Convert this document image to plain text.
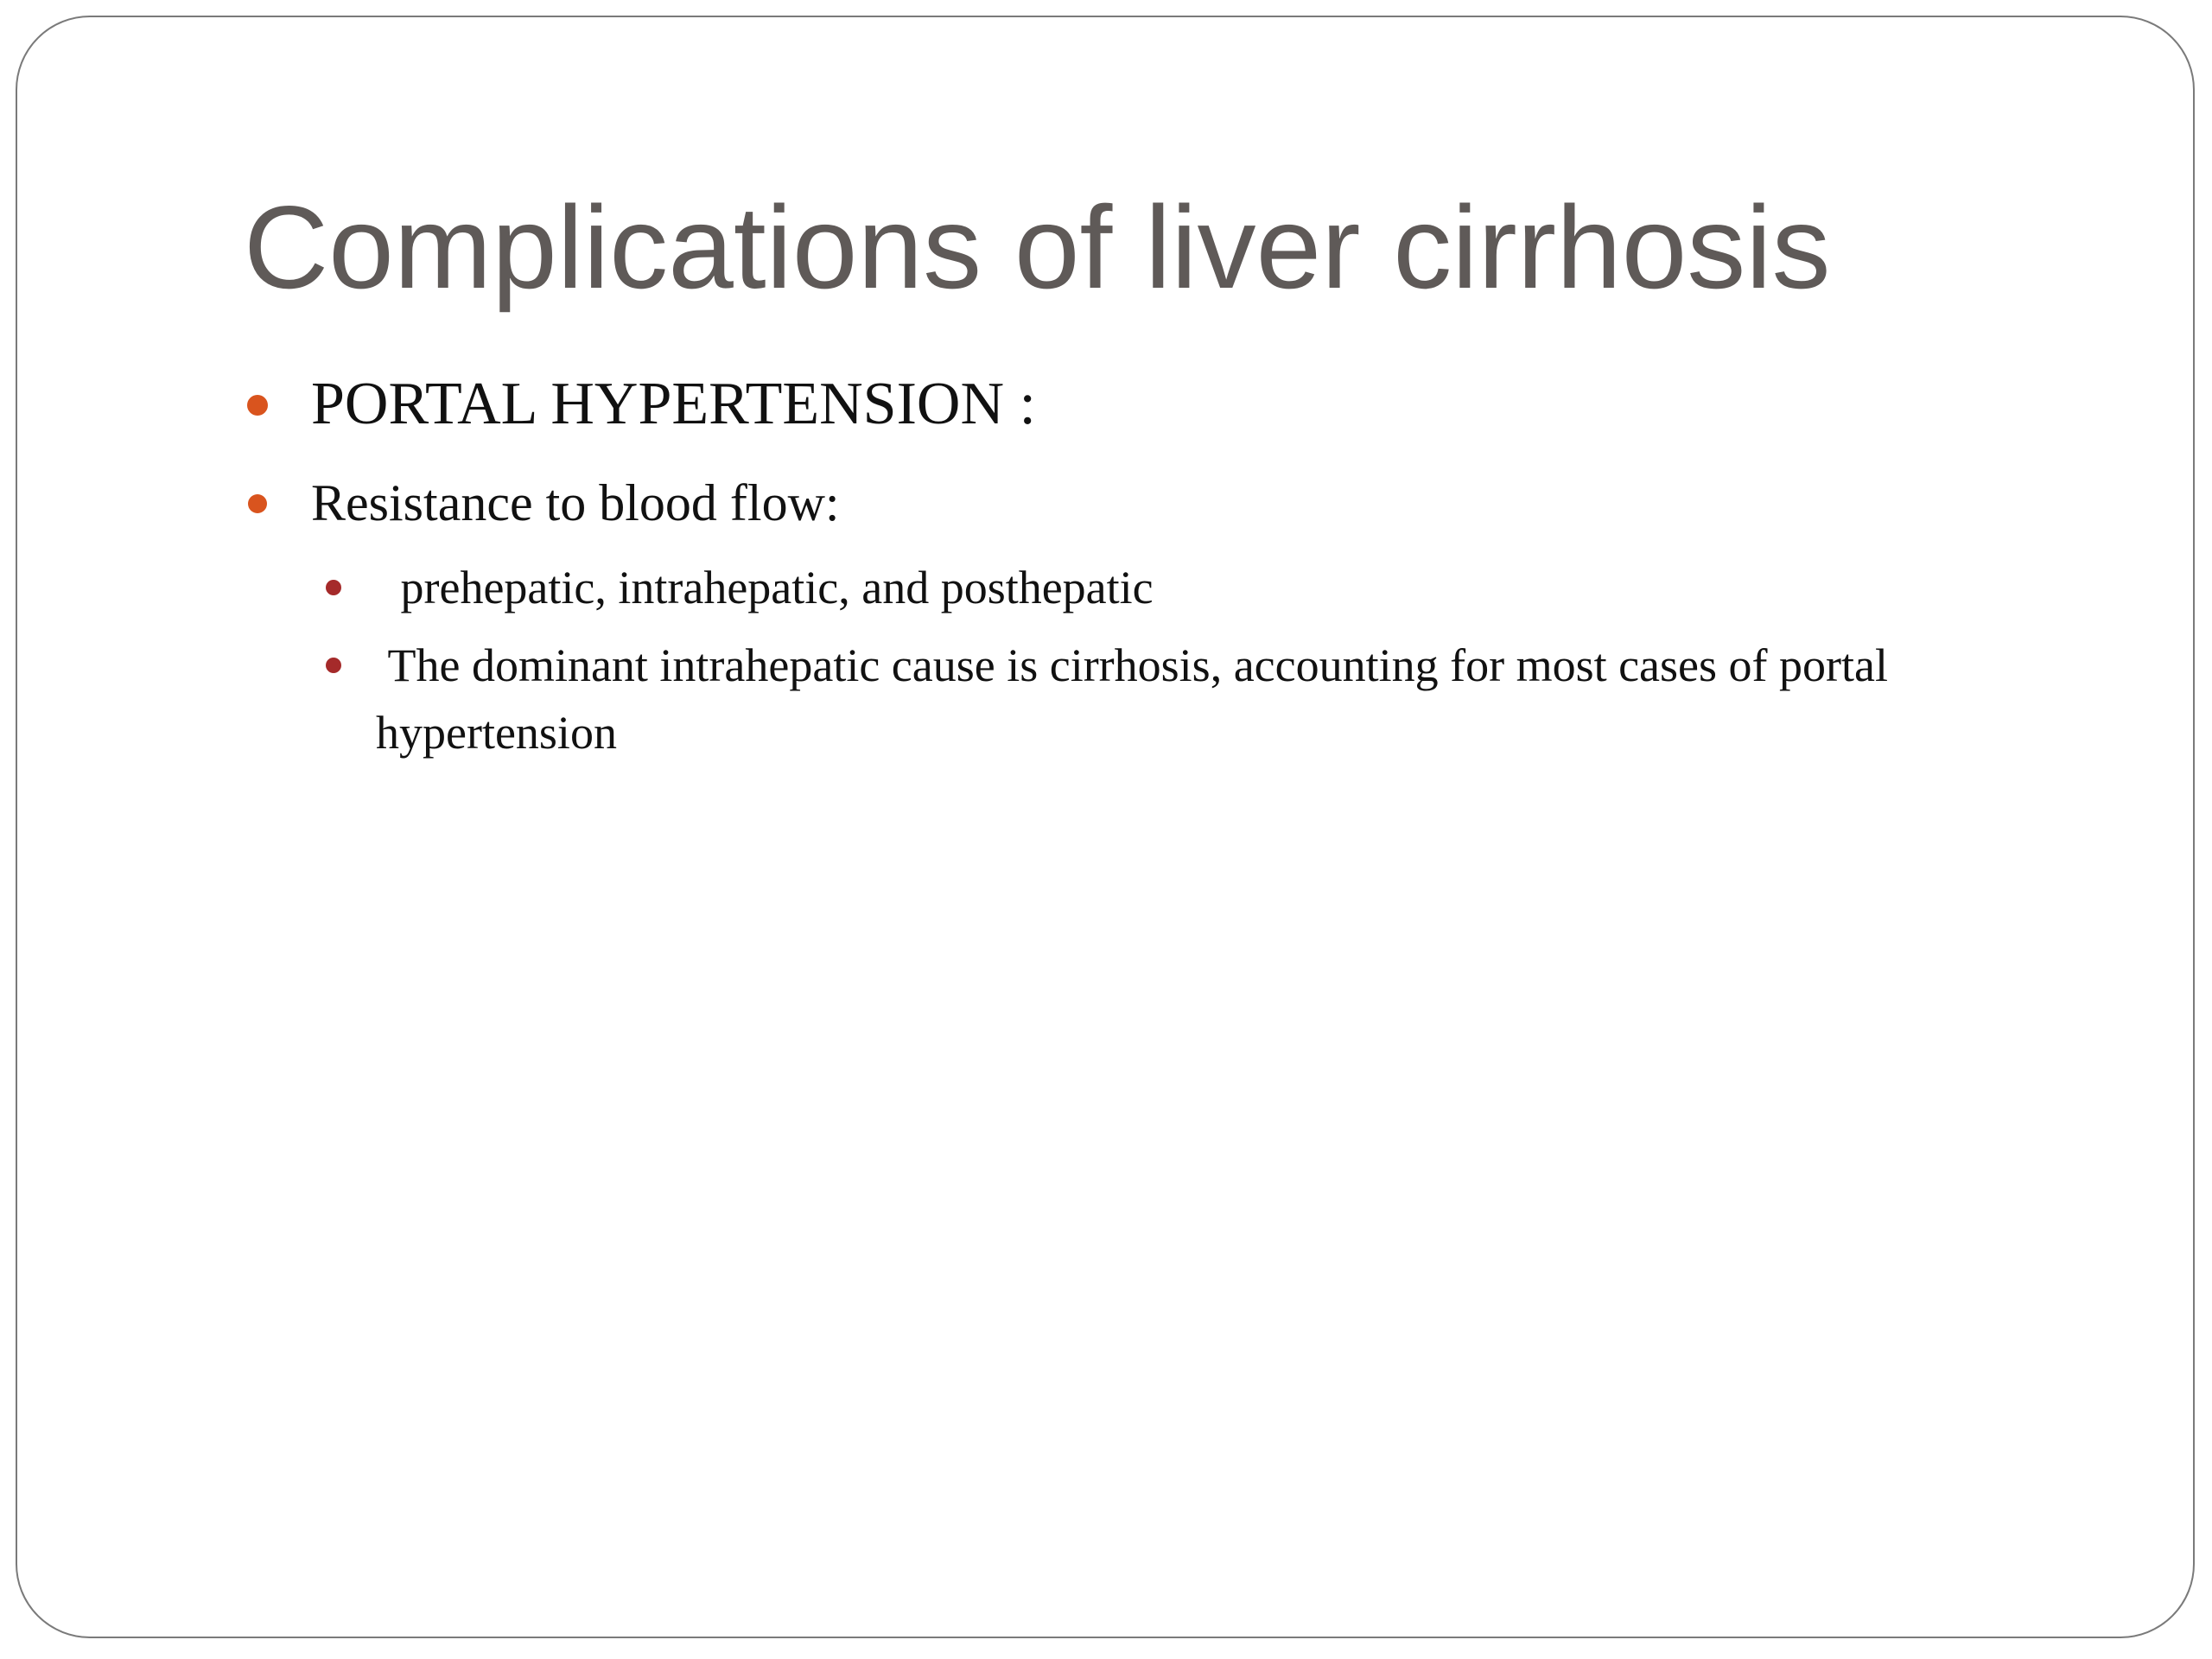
Complications of liver cirrhosis
PORTAL HYPERTENSION :
Resistance to blood flow:
prehepatic, intrahepatic, and posthepatic
The dominant intrahepatic cause is cirrhosis, accounting for most cases of portal hypertension
